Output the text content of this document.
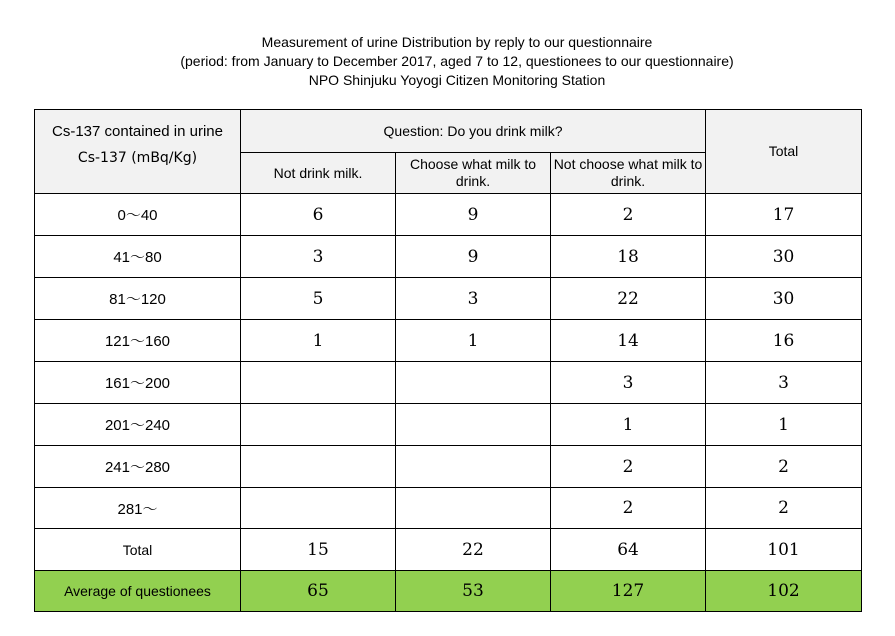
Measurement of urine Distribution by reply to our questionnaire
(period: from January to December 2017, aged 7 to 12, questionees to our questionnaire)
NPO Shinjuku Yoyogi Citizen Monitoring Station
Cs-137 contained in urine
Cs-137 (mBq/Kg)	Question: Do you drink milk?			Total
	Not drink milk.	Choose what milk to drink.	Not choose what milk to drink.	
0～40	6	9	2	17
41～80	3	9	18	30
81～120	5	3	22	30
121～160	1	1	14	16
161～200			3	3
201～240			1	1
241～280			2	2
281～			2	2
Total	15	22	64	101
Average of questionees	65	53	127	102
